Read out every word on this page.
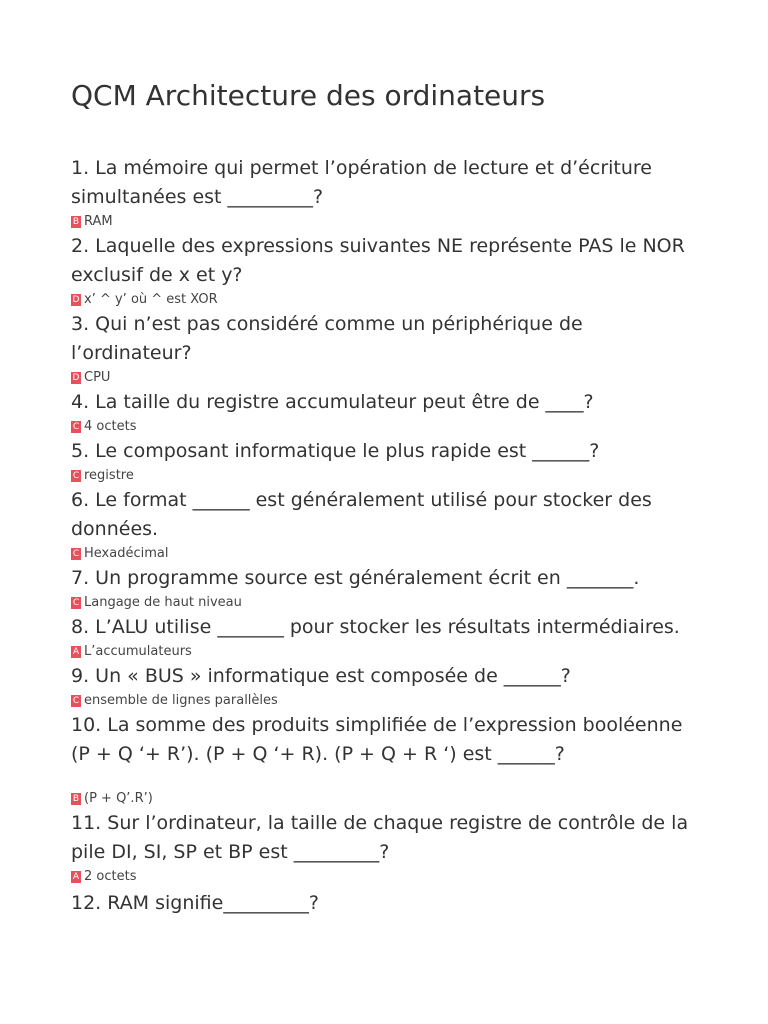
QCM Architecture des ordinateurs
1. La mémoire qui permet l’opération de lecture et d’écriture
simultanées est _________?
B RAM
2. Laquelle des expressions suivantes NE représente PAS le NOR
exclusif de x et y?
D x’ ^ y’ où ^ est XOR
3. Qui n’est pas considéré comme un périphérique de
l’ordinateur?
D CPU
4. La taille du registre accumulateur peut être de ____?
C 4 octets
5. Le composant informatique le plus rapide est ______?
C registre
6. Le format ______ est généralement utilisé pour stocker des
données.
C Hexadécimal
7. Un programme source est généralement écrit en _______.
C Langage de haut niveau
8. L’ALU utilise _______ pour stocker les résultats intermédiaires.
A L’accumulateurs
9. Un « BUS » informatique est composée de ______?
C ensemble de lignes parallèles
10. La somme des produits simplifiée de l’expression booléenne
(P + Q ‘+ R’). (P + Q ‘+ R). (P + Q + R ‘) est ______?
B (P + Q’.R’)
11. Sur l’ordinateur, la taille de chaque registre de contrôle de la
pile DI, SI, SP et BP est _________?
A 2 octets
12. RAM signifie_________?
